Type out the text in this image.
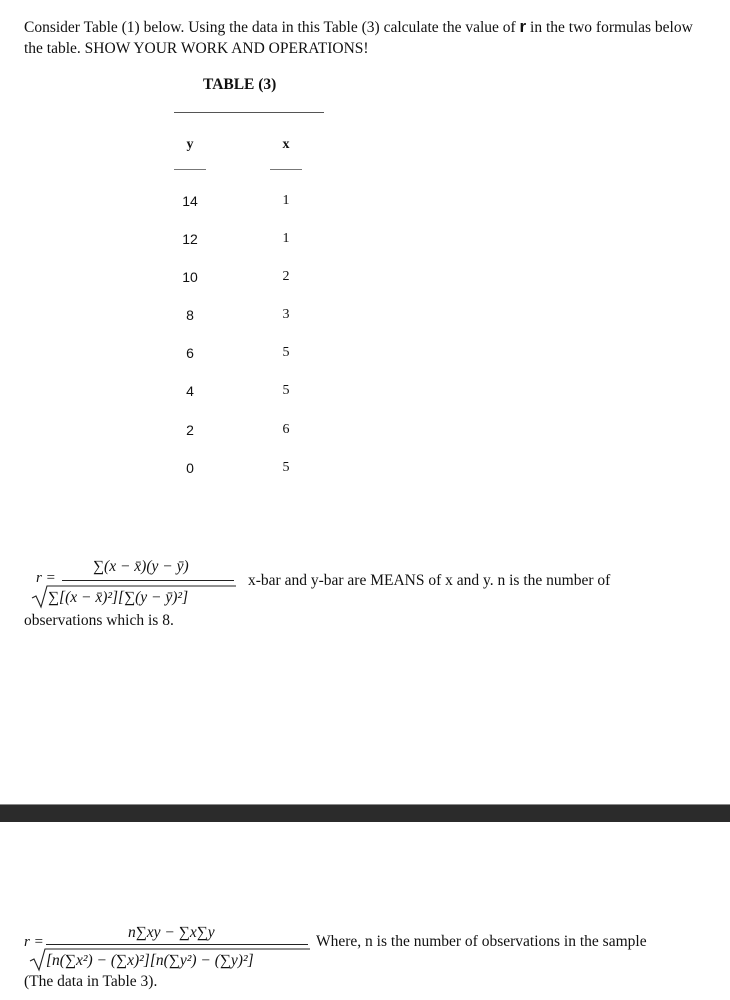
Consider Table (1) below. Using the data in this Table (3) calculate the value of r in the two formulas below the table. SHOW YOUR WORK AND OPERATIONS!
TABLE (3)
y	x
14	1
12	1
10	2
8	3
6	5
4	5
2	6
0	5
r =
∑(x − x̄)(y − ȳ)
∑[(x − x̄)²][∑(y − ȳ)²]
x-bar and y-bar are MEANS of x and y. n is the number of
observations which is 8.
r =
n∑xy − ∑x∑y
[n(∑x²) − (∑x)²][n(∑y²) − (∑y)²]
Where, n is the number of observations in the sample
(The data in Table 3).
